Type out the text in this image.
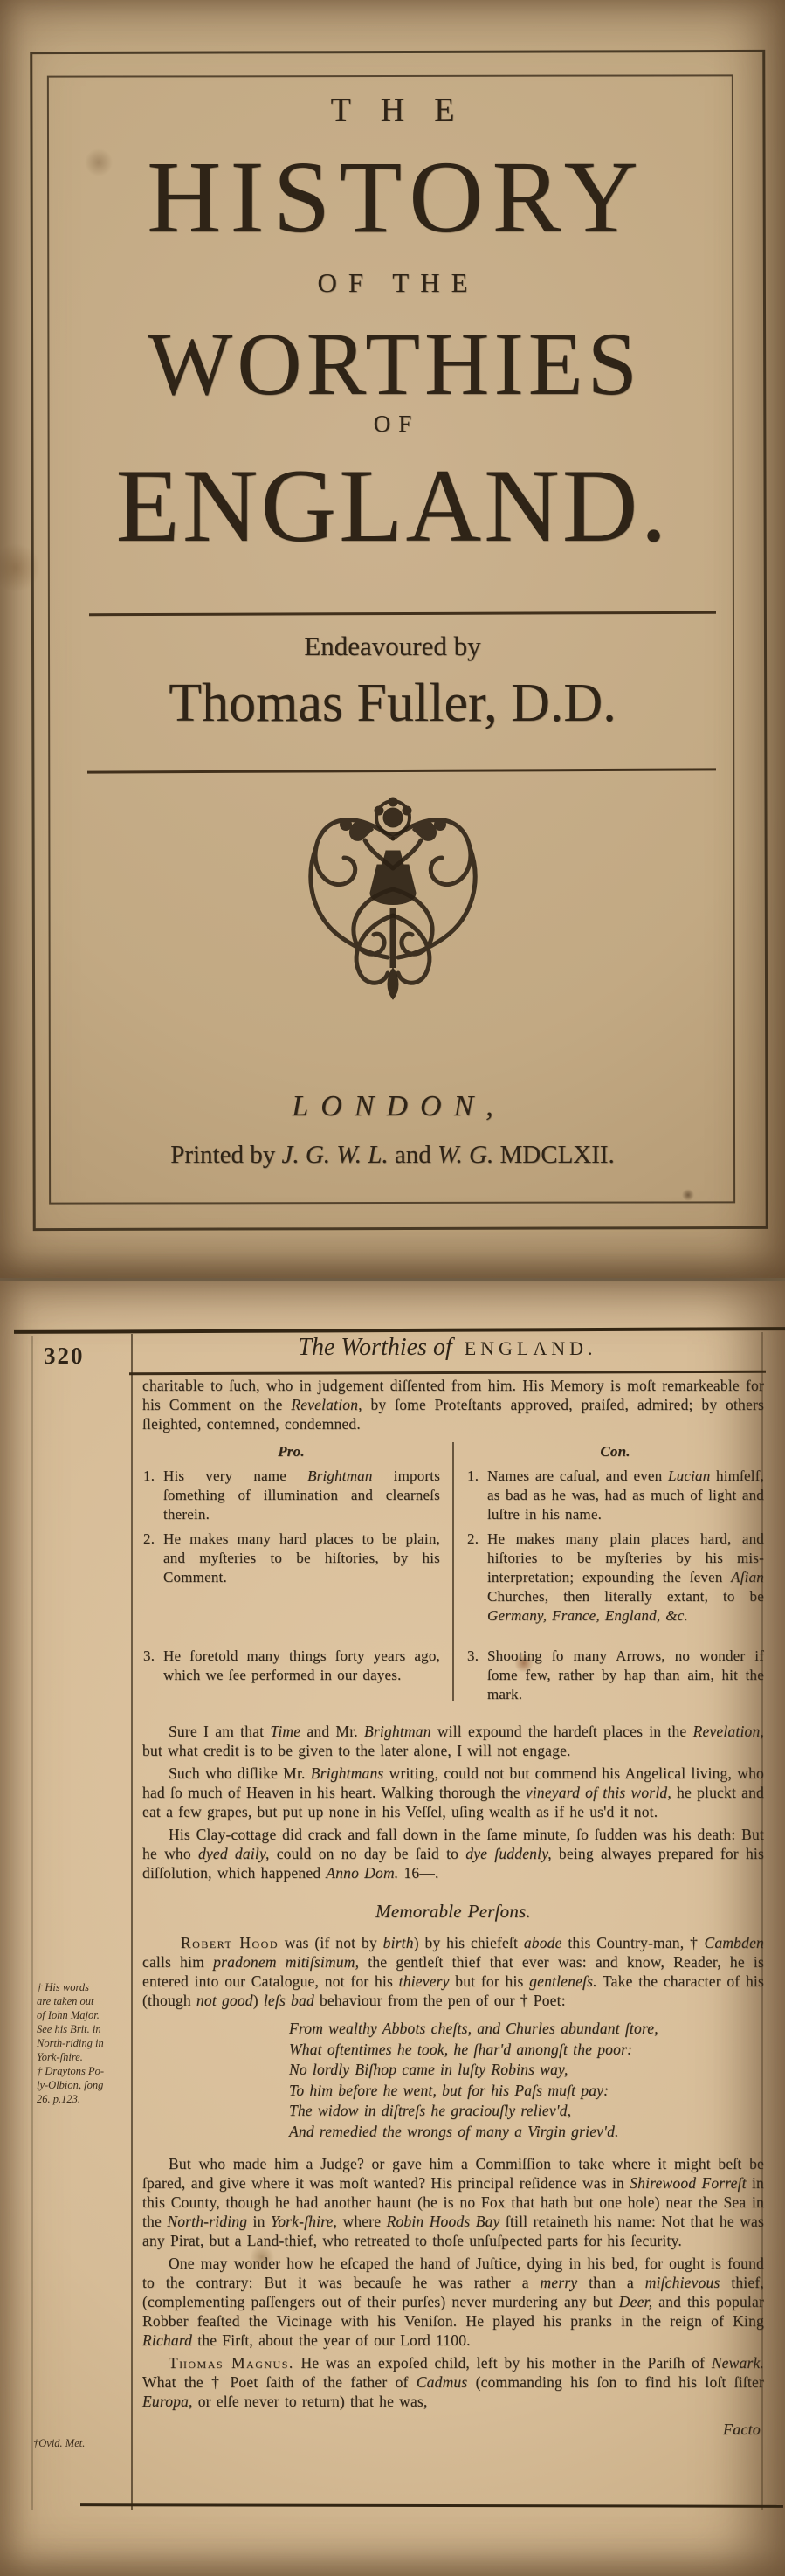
THE
HISTORY
OF THE
WORTHIES
OF
ENGLAND.
Endeavoured by
Thomas Fuller, D.D.
LONDON,
Printed by J. G. W. L. and W. G. MDCLXII.
320	The Worthies of ENGLAND.
† His words
are taken out
of Iohn Major.
See his Brit. in
North-riding in
York-ſhire.
† Draytons Po-
ly-Olbion, ſong
26. p.123.
†Ovid. Met.

charitable to ſuch, who in judgement diſſented from him. His Memory is moſt remarkeable for his Comment on the Revelation, by ſome Proteſtants approved, praiſed, admired; by others ſleighted, contemned, condemned.

Pro.	Con.
1. His very name Brightman imports ſomething of illumination and clearneſs therein.
1. Names are caſual, and even Lucian himſelf, as bad as he was, had as much of light and luſtre in his name.
2. He makes many hard places to be plain, and myſteries to be hiſtories, by his Comment.
2. He makes many plain places hard, and hiſtories to be myſteries by his mis-interpretation; expounding the ſeven Aſian Churches, then literally extant, to be Germany, France, England, &c.
3. He foretold many things forty years ago, which we ſee performed in our dayes.
3. Shooting ſo many Arrows, no wonder if ſome few, rather by hap than aim, hit the mark.

Sure I am that Time and Mr. Brightman will expound the hardeſt places in the Revelation, but what credit is to be given to the later alone, I will not engage.

Such who diſlike Mr. Brightmans writing, could not but commend his Angelical living, who had ſo much of Heaven in his heart. Walking thorough the vineyard of this world, he pluckt and eat a few grapes, but put up none in his Veſſel, uſing wealth as if he us'd it not.

His Clay-cottage did crack and fall down in the ſame minute, ſo ſudden was his death: But he who dyed daily, could on no day be ſaid to dye ſuddenly, being alwayes prepared for his diſſolution, which happened Anno Dom. 16—.

Memorable Perſons.

Robert Hood was (if not by birth) by his chiefeſt abode this Country-man, † Cambden calls him pradonem mitiſsimum, the gentleſt thief that ever was: and know, Reader, he is entered into our Catalogue, not for his thievery but for his gentleneſs. Take the character of his (though not good) leſs bad behaviour from the pen of our † Poet:

From wealthy Abbots cheſts, and Churles abundant ſtore,
What oftentimes he took, he ſhar'd amongſt the poor:
No lordly Biſhop came in luſty Robins way,
To him before he went, but for his Paſs muſt pay:
The widow in diſtreſs he graciouſly reliev'd,
And remedied the wrongs of many a Virgin griev'd.

But who made him a Judge? or gave him a Commiſſion to take where it might beſt be ſpared, and give where it was moſt wanted? His principal reſidence was in Shirewood Forreſt in this County, though he had another haunt (he is no Fox that hath but one hole) near the Sea in the North-riding in York-ſhire, where Robin Hoods Bay ſtill retaineth his name: Not that he was any Pirat, but a Land-thief, who retreated to thoſe unſuſpected parts for his ſecurity.

One may wonder how he eſcaped the hand of Juſtice, dying in his bed, for ought is found to the contrary: But it was becauſe he was rather a merry than a miſchievous thief, (complementing paſſengers out of their purſes) never murdering any but Deer, and this popular Robber feaſted the Vicinage with his Veniſon. He played his pranks in the reign of King Richard the Firſt, about the year of our Lord 1100.

Thomas Magnus. He was an expoſed child, left by his mother in the Pariſh of Newark. What the † Poet ſaith of the father of Cadmus (commanding his ſon to find his loſt ſiſter Europa, or elſe never to return) that he was,

Facto
